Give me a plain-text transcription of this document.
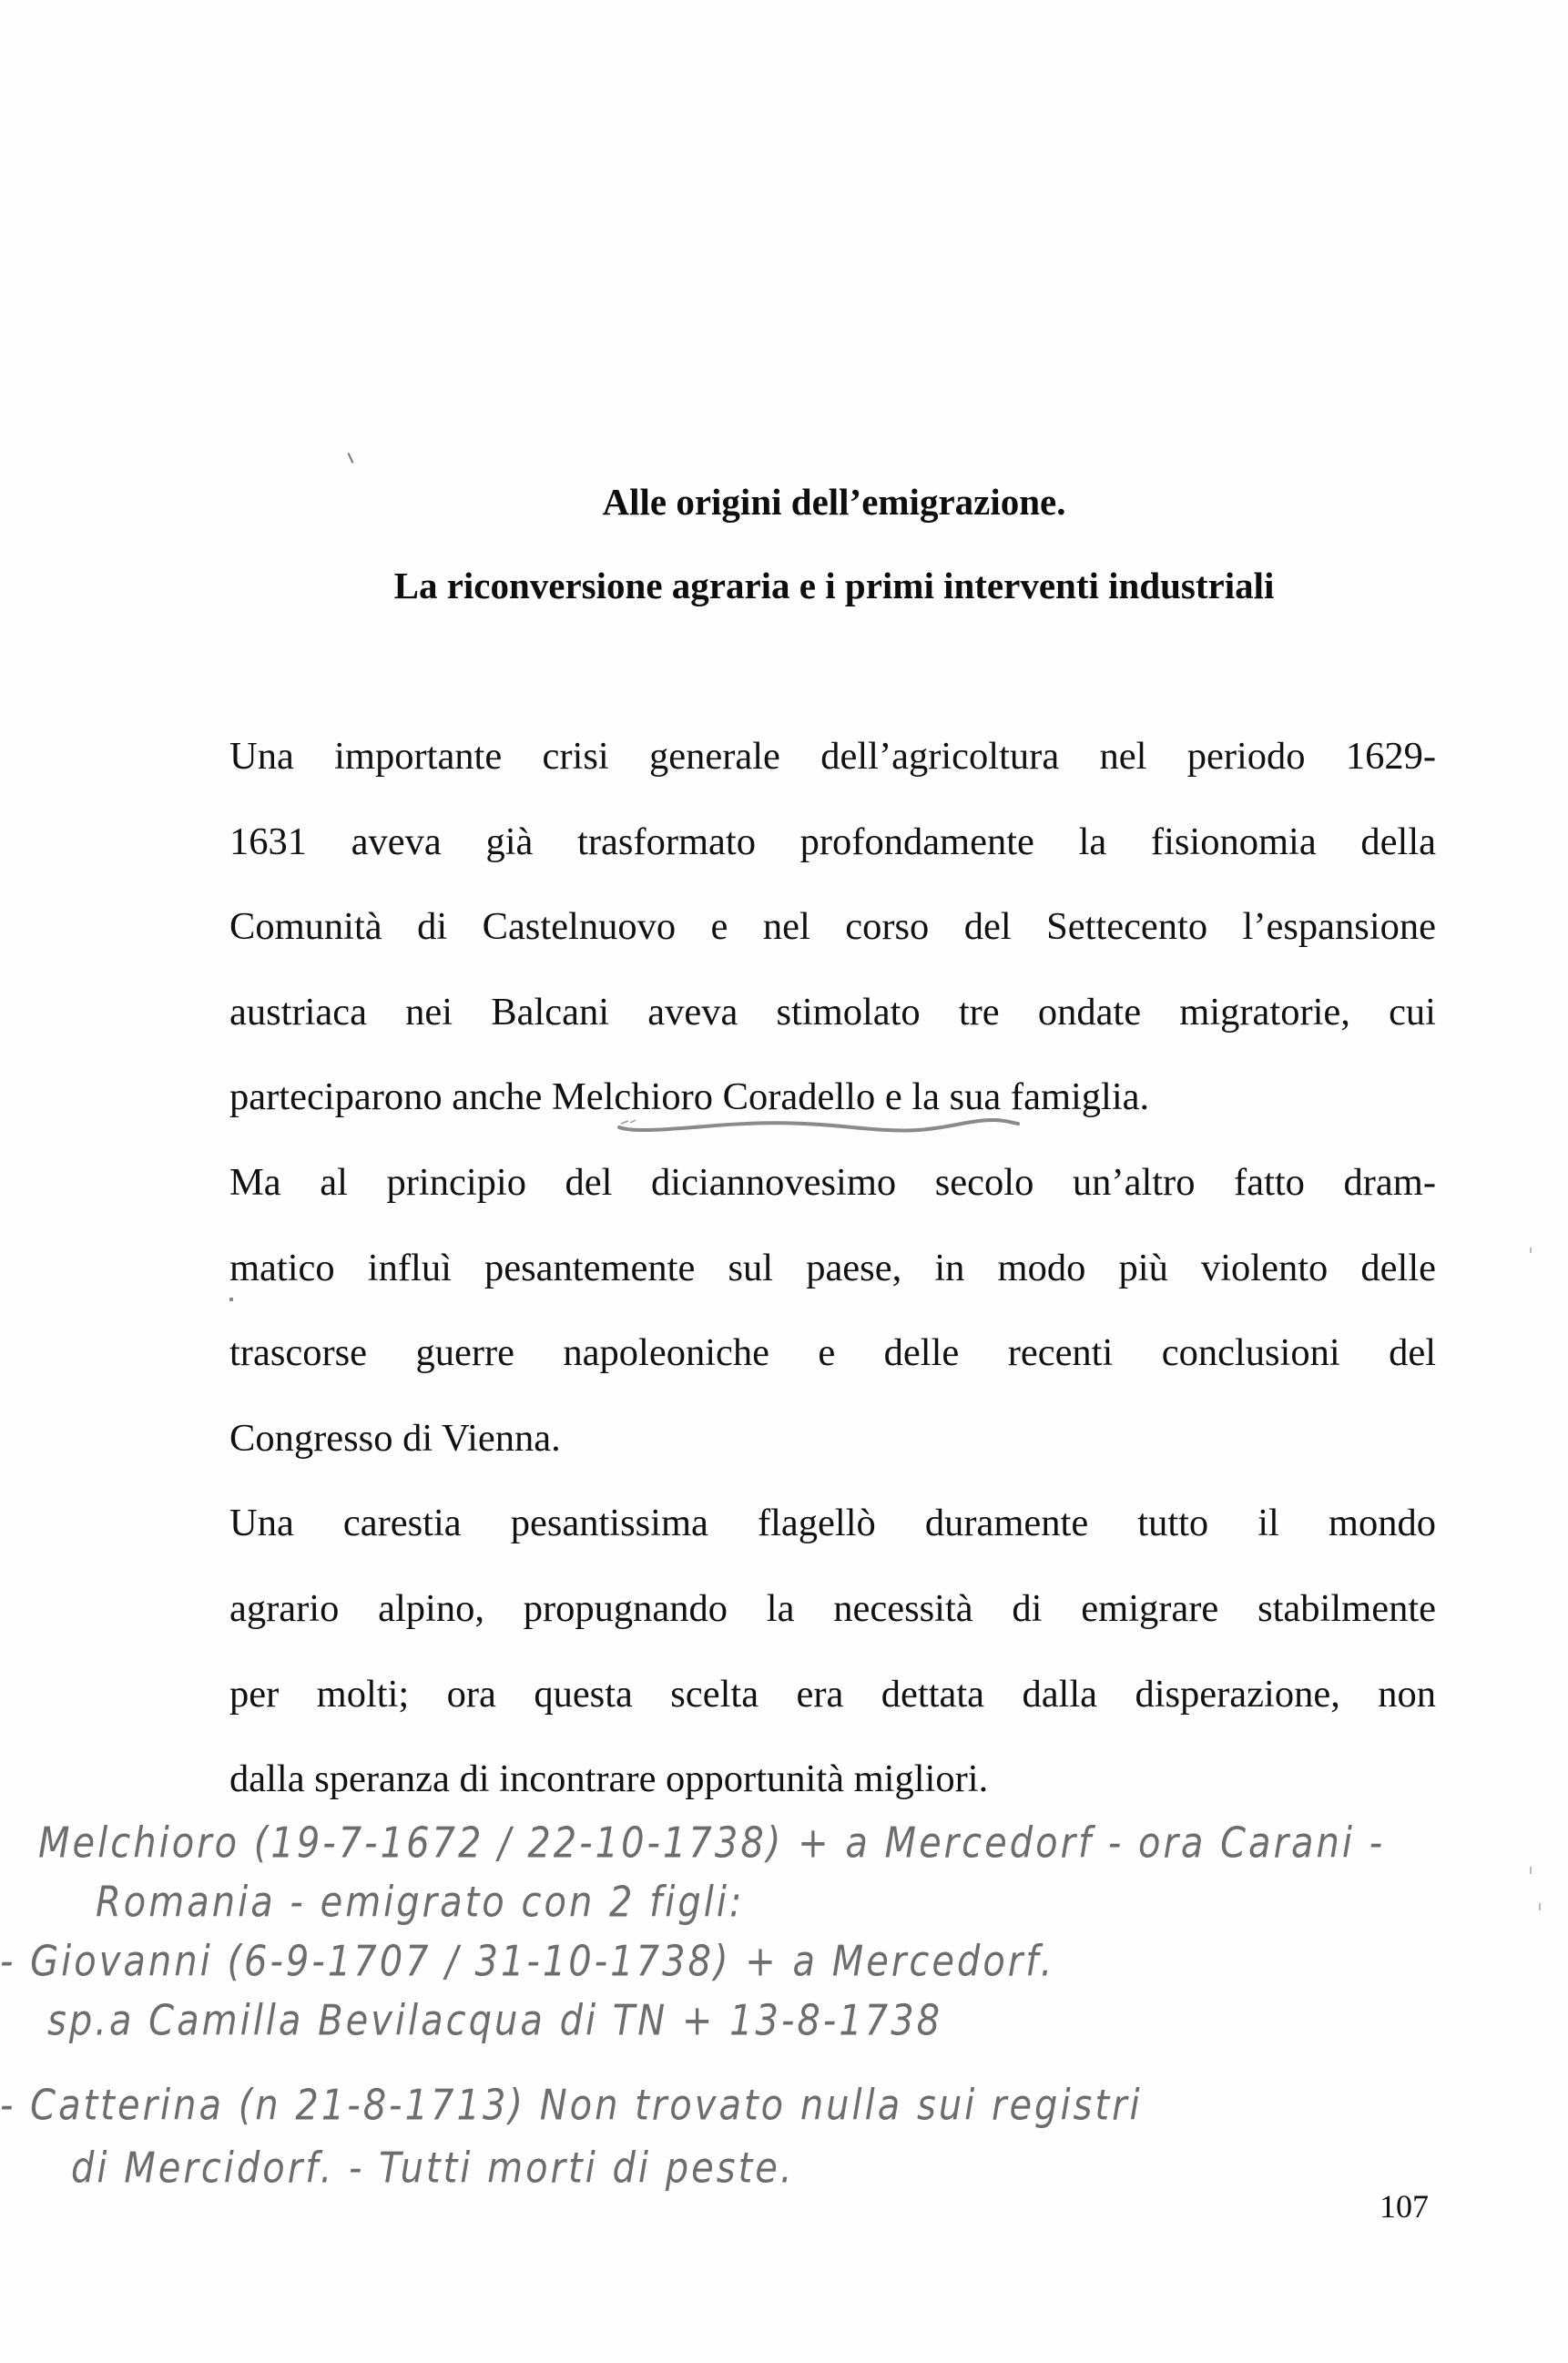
Alle origini dell’emigrazione.
La riconversione agraria e i primi interventi industriali
Una importante crisi generale dell’agricoltura nel periodo 1629-
1631 aveva già trasformato profondamente la fisionomia della
Comunità di Castelnuovo e nel corso del Settecento l’espansione
austriaca nei Balcani aveva stimolato tre ondate migratorie, cui
parteciparono anche Melchioro Coradello e la sua famiglia.
Ma al principio del diciannovesimo secolo un’altro fatto dram-
matico influì pesantemente sul paese, in modo più violento delle
trascorse guerre napoleoniche e delle recenti conclusioni del
Congresso di Vienna.
Una carestia pesantissima flagellò duramente tutto il mondo
agrario alpino, propugnando la necessità di emigrare stabilmente
per molti; ora questa scelta era dettata dalla disperazione, non
dalla speranza di incontrare opportunità migliori.
Melchioro (19-7-1672 / 22-10-1738) + a Mercedorf - ora Carani -
Romania - emigrato con 2 figli:
- Giovanni (6-9-1707 / 31-10-1738) + a Mercedorf.
sp.a Camilla Bevilacqua di TN + 13-8-1738
- Catterina (n 21-8-1713) Non trovato nulla sui registri
di Mercidorf. - Tutti morti di peste.
107
